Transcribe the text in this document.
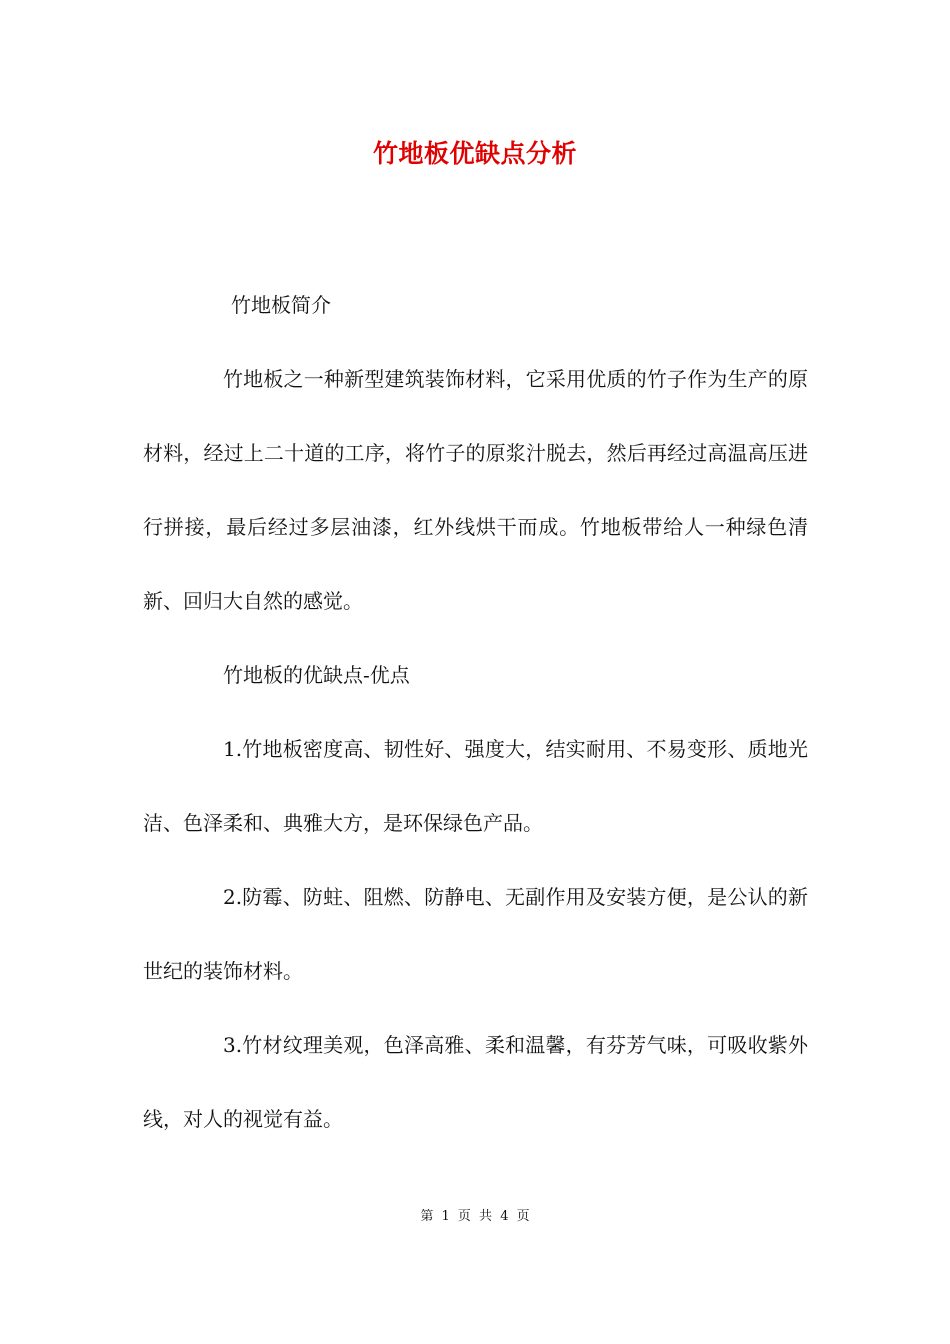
竹地板优缺点分析

竹地板简介

竹地板之一种新型建筑装饰材料，它采用优质的竹子作为生产的原材料，经过上二十道的工序，将竹子的原浆汁脱去，然后再经过高温高压进行拼接，最后经过多层油漆，红外线烘干而成。竹地板带给人一种绿色清新、回归大自然的感觉。

竹地板的优缺点-优点

1.竹地板密度高、韧性好、强度大，结实耐用、不易变形、质地光洁、色泽柔和、典雅大方，是环保绿色产品。

2.防霉、防蛀、阻燃、防静电、无副作用及安装方便，是公认的新世纪的装饰材料。

3.竹材纹理美观，色泽高雅、柔和温馨，有芬芳气味，可吸收紫外线，对人的视觉有益。

第 1 页 共 4 页
